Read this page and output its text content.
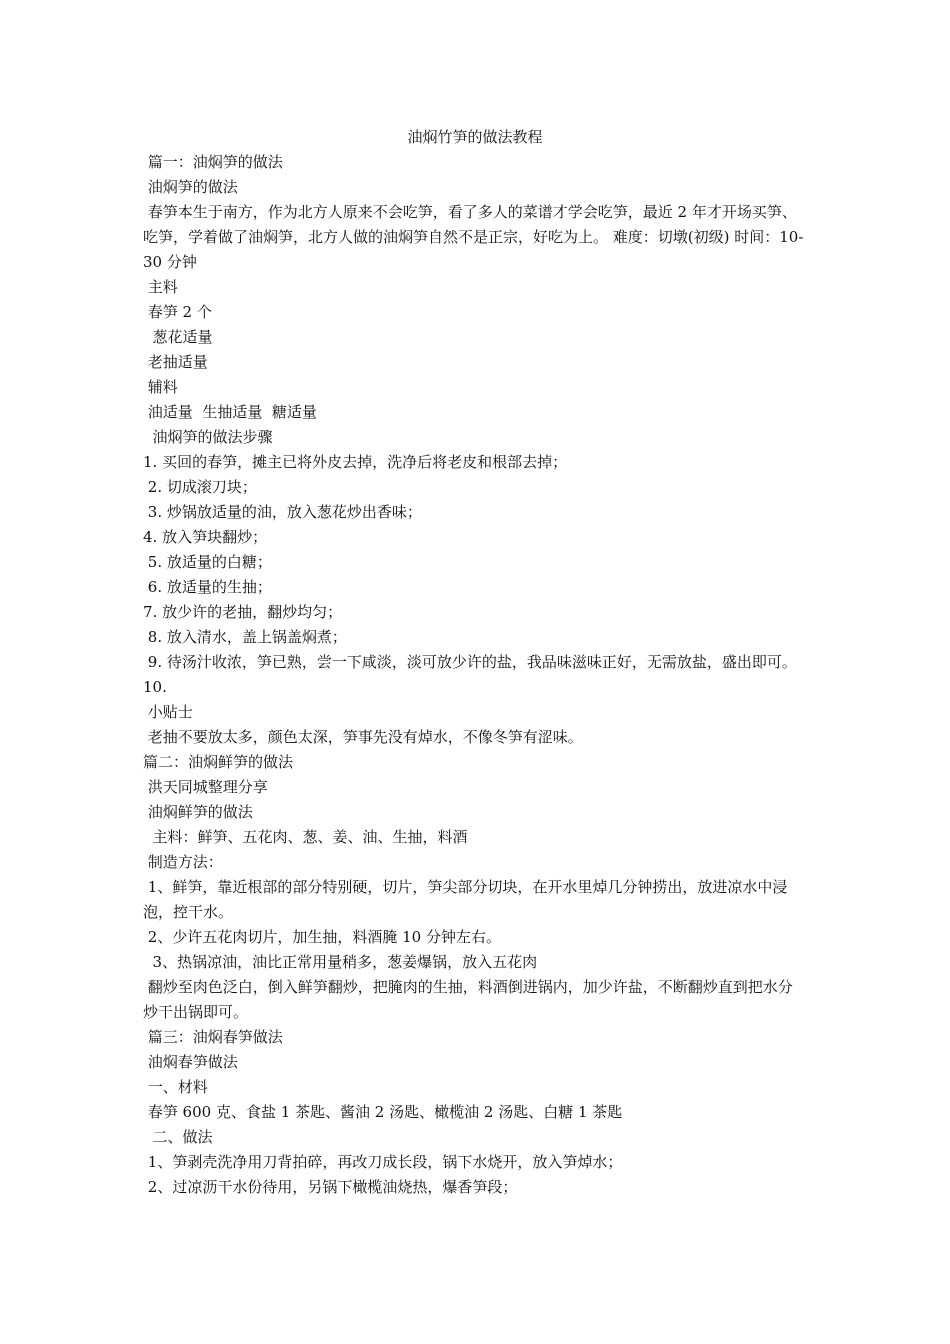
油焖竹笋的做法教程
篇一：油焖笋的做法
油焖笋的做法
春笋本生于南方，作为北方人原来不会吃笋，看了多人的菜谱才学会吃笋，最近 2 年才开场买笋、吃笋，学着做了油焖笋，北方人做的油焖笋自然不是正宗，好吃为上。 难度：切墩(初级) 时间：10-30 分钟
主料
春笋 2 个
葱花适量
老抽适量
辅料
油适量  生抽适量  糖适量
油焖笋的做法步骤
1. 买回的春笋，摊主已将外皮去掉，洗净后将老皮和根部去掉；
2. 切成滚刀块；
3. 炒锅放适量的油，放入葱花炒出香味；
4. 放入笋块翻炒；
5. 放适量的白糖；
6. 放适量的生抽；
7. 放少许的老抽，翻炒均匀；
8. 放入清水，盖上锅盖焖煮；
9. 待汤汁收浓，笋已熟，尝一下咸淡，淡可放少许的盐，我品味滋味正好，无需放盐，盛出即可。
10.
小贴士
老抽不要放太多，颜色太深，笋事先没有焯水，不像冬笋有涩味。
篇二：油焖鲜笋的做法
洪天同城整理分享
油焖鲜笋的做法
主料：鲜笋、五花肉、葱、姜、油、生抽，料酒
制造方法：
1、鲜笋，靠近根部的部分特别硬，切片，笋尖部分切块，在开水里焯几分钟捞出，放进凉水中浸泡，控干水。
2、少许五花肉切片，加生抽，料酒腌 10 分钟左右。
3、热锅凉油，油比正常用量稍多，葱姜爆锅，放入五花肉
翻炒至肉色泛白，倒入鲜笋翻炒，把腌肉的生抽，料酒倒进锅内，加少许盐，不断翻炒直到把水分炒干出锅即可。
篇三：油焖春笋做法
油焖春笋做法
一、材料
春笋 600 克、食盐 1 茶匙、酱油 2 汤匙、橄榄油 2 汤匙、白糖 1 茶匙
二、做法
1、笋剥壳洗净用刀背拍碎，再改刀成长段，锅下水烧开，放入笋焯水；
2、过凉沥干水份待用，另锅下橄榄油烧热，爆香笋段；
